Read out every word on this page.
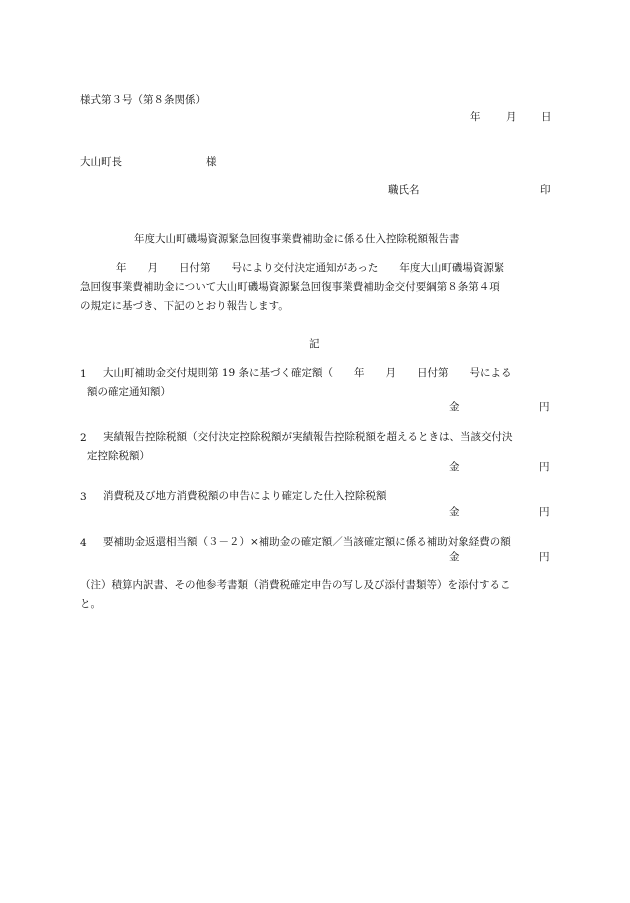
様式第３号（第８条関係）
年 月 日
大山町長	様
職氏名	印
年度大山町磯場資源緊急回復事業費補助金に係る仕入控除税額報告書
年　　月　　日付第　　号により交付決定通知があった　　年度大山町磯場資源緊
急回復事業費補助金について大山町磯場資源緊急回復事業費補助金交付要綱第８条第４項
の規定に基づき、下記のとおり報告します。
記
1 大山町補助金交付規則第 19 条に基づく確定額（　　年　　月　　日付第　　号による
額の確定通知額）
金	円
2 実績報告控除税額（交付決定控除税額が実績報告控除税額を超えるときは、当該交付決
定控除税額）
金	円
3 消費税及び地方消費税額の申告により確定した仕入控除税額
金	円
4 要補助金返還相当額（３－２）×補助金の確定額／当該確定額に係る補助対象経費の額
金	円
（注）積算内訳書、その他参考書類（消費税確定申告の写し及び添付書類等）を添付するこ
と。
